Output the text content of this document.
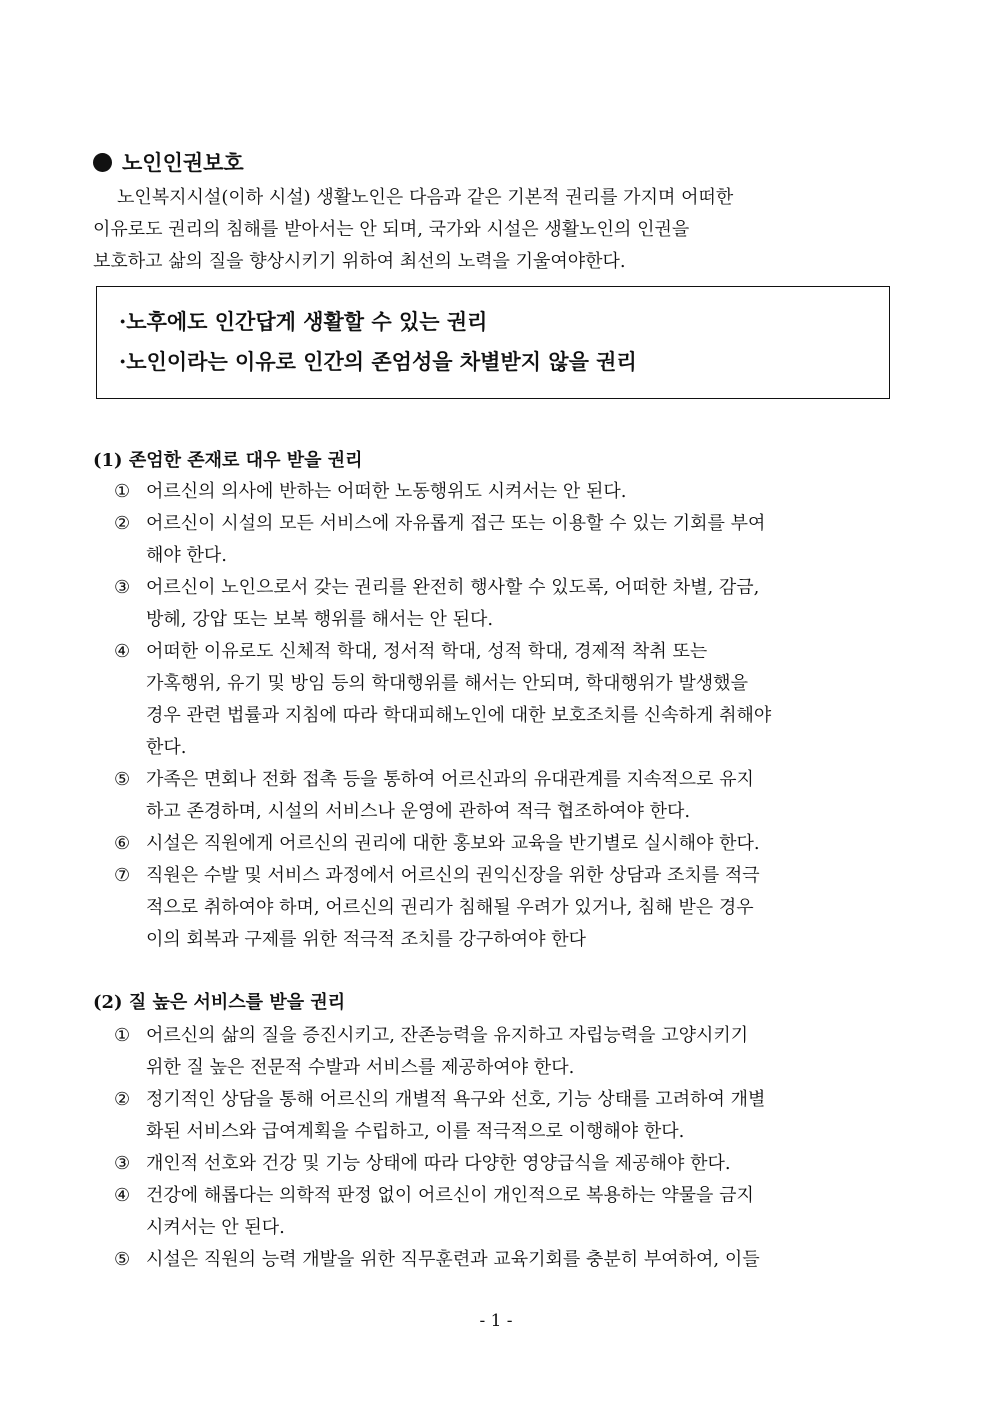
노인인권보호
노인복지시설(이하 시설) 생활노인은 다음과 같은 기본적 권리를 가지며 어떠한
이유로도 권리의 침해를 받아서는 안 되며, 국가와 시설은 생활노인의 인권을
보호하고 삶의 질을 향상시키기 위하여 최선의 노력을 기울여야한다.
·노후에도 인간답게 생활할 수 있는 권리
·노인이라는 이유로 인간의 존엄성을 차별받지 않을 권리
(1) 존엄한 존재로 대우 받을 권리
① 어르신의 의사에 반하는 어떠한 노동행위도 시켜서는 안 된다.
② 어르신이 시설의 모든 서비스에 자유롭게 접근 또는 이용할 수 있는 기회를 부여
해야 한다.
③ 어르신이 노인으로서 갖는 권리를 완전히 행사할 수 있도록, 어떠한 차별, 감금,
방헤, 강압 또는 보복 행위를 해서는 안 된다.
④ 어떠한 이유로도 신체적 학대, 정서적 학대, 성적 학대, 경제적 착취 또는
가혹행위, 유기 및 방임 등의 학대행위를 해서는 안되며, 학대행위가 발생했을
경우 관련 법률과 지침에 따라 학대피해노인에 대한 보호조치를 신속하게 취해야
한다.
⑤ 가족은 면회나 전화 접촉 등을 통하여 어르신과의 유대관계를 지속적으로 유지
하고 존경하며, 시설의 서비스나 운영에 관하여 적극 협조하여야 한다.
⑥ 시설은 직원에게 어르신의 권리에 대한 홍보와 교육을 반기별로 실시해야 한다.
⑦ 직원은 수발 및 서비스 과정에서 어르신의 권익신장을 위한 상담과 조치를 적극
적으로 취하여야 하며, 어르신의 권리가 침해될 우려가 있거나, 침해 받은 경우
이의 회복과 구제를 위한 적극적 조치를 강구하여야 한다
(2) 질 높은 서비스를 받을 권리
① 어르신의 삶의 질을 증진시키고, 잔존능력을 유지하고 자립능력을 고양시키기
위한 질 높은 전문적 수발과 서비스를 제공하여야 한다.
② 정기적인 상담을 통해 어르신의 개별적 욕구와 선호, 기능 상태를 고려하여 개별
화된 서비스와 급여계획을 수립하고, 이를 적극적으로 이행해야 한다.
③ 개인적 선호와 건강 및 기능 상태에 따라 다양한 영양급식을 제공해야 한다.
④ 건강에 해롭다는 의학적 판정 없이 어르신이 개인적으로 복용하는 약물을 금지
시켜서는 안 된다.
⑤ 시설은 직원의 능력 개발을 위한 직무훈련과 교육기회를 충분히 부여하여, 이들
- 1 -
